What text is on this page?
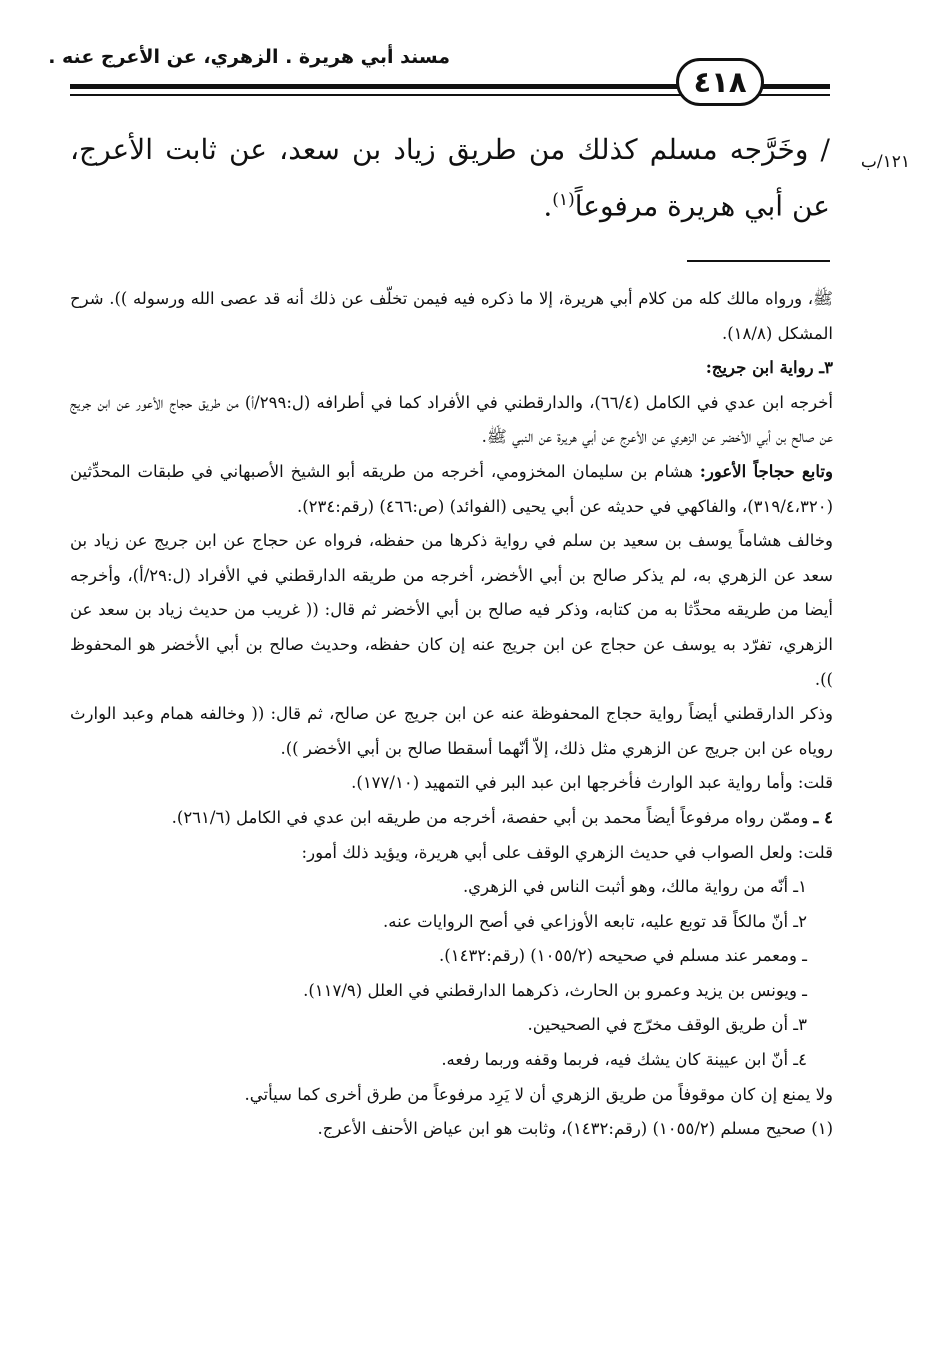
مسند أبي هريرة . الزهري، عن الأعرج عنه .
٤١٨
١٢١/ب

/ وخَرَّجه مسلم كذلك من طريق زياد بن سعد، عن ثابت الأعرج، عن أبي هريرة مرفوعاً$^{(١)}$.

ﷺ، ورواه مالك كله من كلام أبي هريرة، إلا ما ذكره فيه فيمن تخلّف عن ذلك أنه قد عصى الله ورسوله )). شرح المشكل (١٨/٨).

٣ـ رواية ابن جريج:

أخرجه ابن عدي في الكامل (٦٦/٤)، والدارقطني في الأفراد كما في أطرافه (ل:٢٩٩/أ) من طريق حجاج الأعور عن ابن جريج عن صالح بن أبي الأخضر عن الزهري عن الأعرج عن أبي هريرة عن النبي ﷺ.

وتابع حجاجاً الأعور: هشام بن سليمان المخزومي، أخرجه من طريقه أبو الشيخ الأصبهاني في طبقات المحدِّثين (٣١٩/٤،٣٢٠)، والفاكهي في حديثه عن أبي يحيى (الفوائد) (ص:٤٦٦) (رقم:٢٣٤).

وخالف هشاماً يوسف بن سعيد بن سلم في رواية ذكرها من حفظه، فرواه عن حجاج عن ابن جريج عن زياد بن سعد عن الزهري به، لم يذكر صالح بن أبي الأخضر، أخرجه من طريقه الدارقطني في الأفراد (ل:٢٩/أ)، وأخرجه أيضا من طريقه محدِّثا به من كتابه، وذكر فيه صالح بن أبي الأخضر ثم قال: (( غريب من حديث زياد بن سعد عن الزهري، تفرّد به يوسف عن حجاج عن ابن جريج عنه إن كان حفظه، وحديث صالح بن أبي الأخضر هو المحفوظ )).

وذكر الدارقطني أيضاً رواية حجاج المحفوظة عنه عن ابن جريج عن صالح، ثم قال: (( وخالفه همام وعبد الوارث روياه عن ابن جريج عن الزهري مثل ذلك، إلاّ أنّهما أسقطا صالح بن أبي الأخضر )).

قلت: وأما رواية عبد الوارث فأخرجها ابن عبد البر في التمهيد (١٧٧/١٠).

٤ ـ وممّن رواه مرفوعاً أيضاً محمد بن أبي حفصة، أخرجه من طريقه ابن عدي في الكامل (٢٦١/٦).

قلت: ولعل الصواب في حديث الزهري الوقف على أبي هريرة، ويؤيد ذلك أمور:

١ـ أنّه من رواية مالك، وهو أثبت الناس في الزهري.

٢ـ أنّ مالكاً قد توبع عليه، تابعه الأوزاعي في أصح الروايات عنه.

ـ ومعمر عند مسلم في صحيحه (١٠٥٥/٢) (رقم:١٤٣٢).

ـ ويونس بن يزيد وعمرو بن الحارث، ذكرهما الدارقطني في العلل (١١٧/٩).

٣ـ أن طريق الوقف مخرّج في الصحيحين.

٤ـ أنّ ابن عيينة كان يشك فيه، فربما وقفه وربما رفعه.

ولا يمنع إن كان موقوفاً من طريق الزهري أن لا يَرِد مرفوعاً من طرق أخرى كما سيأتي.

(١) صحيح مسلم (١٠٥٥/٢) (رقم:١٤٣٢)، وثابت هو ابن عياض الأحنف الأعرج.
